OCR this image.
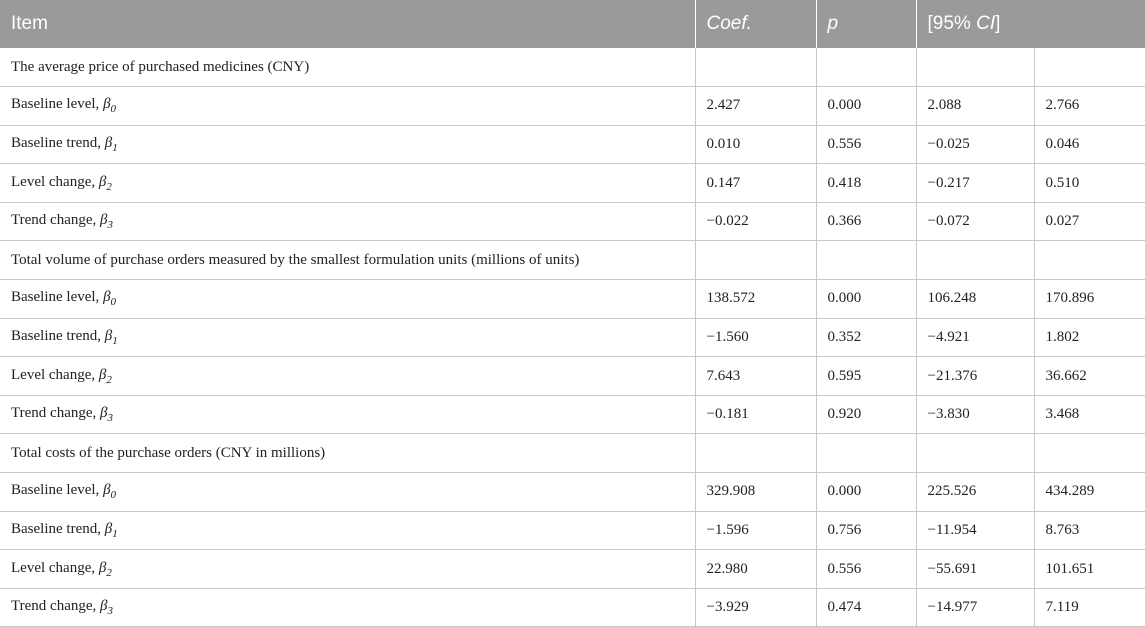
Item	Coef.	p	[95% CI]	
The average price of purchased medicines (CNY)				
Baseline level, $\beta_0$	2.427	0.000	2.088	2.766
Baseline trend, $\beta_1$	0.010	0.556	−0.025	0.046
Level change, $\beta_2$	0.147	0.418	−0.217	0.510
Trend change, $\beta_3$	−0.022	0.366	−0.072	0.027
Total volume of purchase orders measured by the smallest formulation units (millions of units)				
Baseline level, $\beta_0$	138.572	0.000	106.248	170.896
Baseline trend, $\beta_1$	−1.560	0.352	−4.921	1.802
Level change, $\beta_2$	7.643	0.595	−21.376	36.662
Trend change, $\beta_3$	−0.181	0.920	−3.830	3.468
Total costs of the purchase orders (CNY in millions)				
Baseline level, $\beta_0$	329.908	0.000	225.526	434.289
Baseline trend, $\beta_1$	−1.596	0.756	−11.954	8.763
Level change, $\beta_2$	22.980	0.556	−55.691	101.651
Trend change, $\beta_3$	−3.929	0.474	−14.977	7.119
